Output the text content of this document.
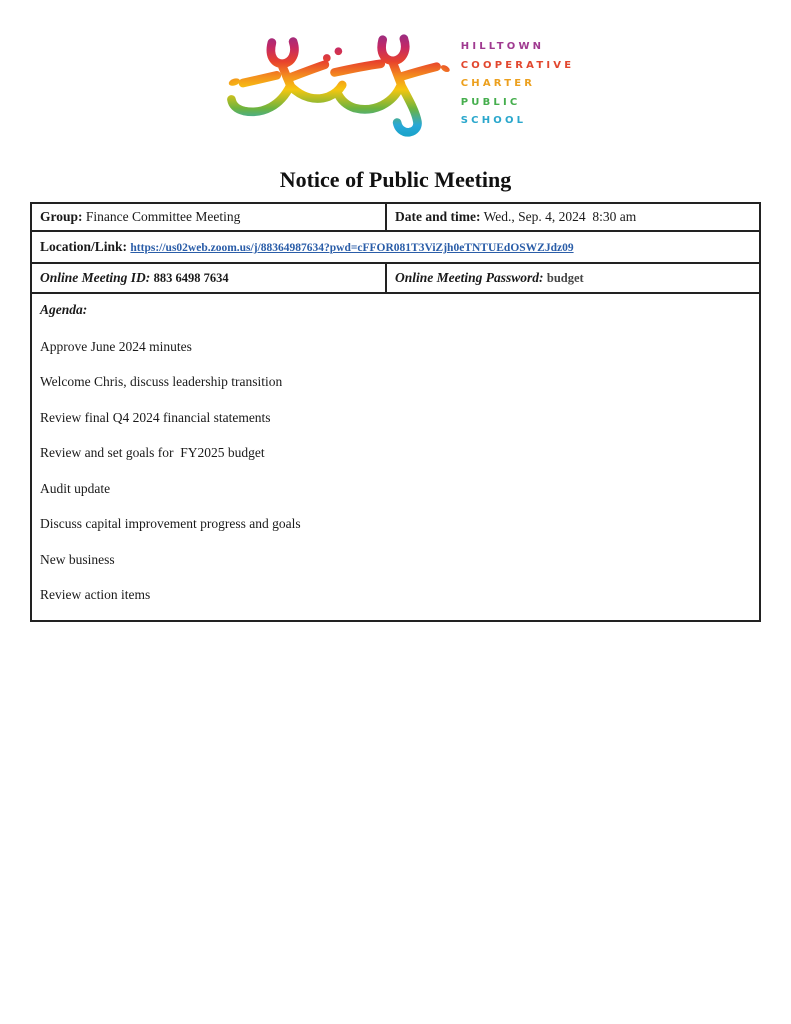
HILLTOWN
COOPERATIVE
CHARTER
PUBLIC
SCHOOL
Notice of Public Meeting
Group: Finance Committee Meeting	Date and time: Wed., Sep. 4, 2024  8:30 am
Location/Link: https://us02web.zoom.us/j/88364987634?pwd=cFFOR081T3ViZjh0eTNTUEdOSWZJdz09
Online Meeting ID: 883 6498 7634	Online Meeting Password: budget
Agenda:

Approve June 2024 minutes

Welcome Chris, discuss leadership transition

Review final Q4 2024 financial statements

Review and set goals for  FY2025 budget

Audit update

Discuss capital improvement progress and goals

New business

Review action items
